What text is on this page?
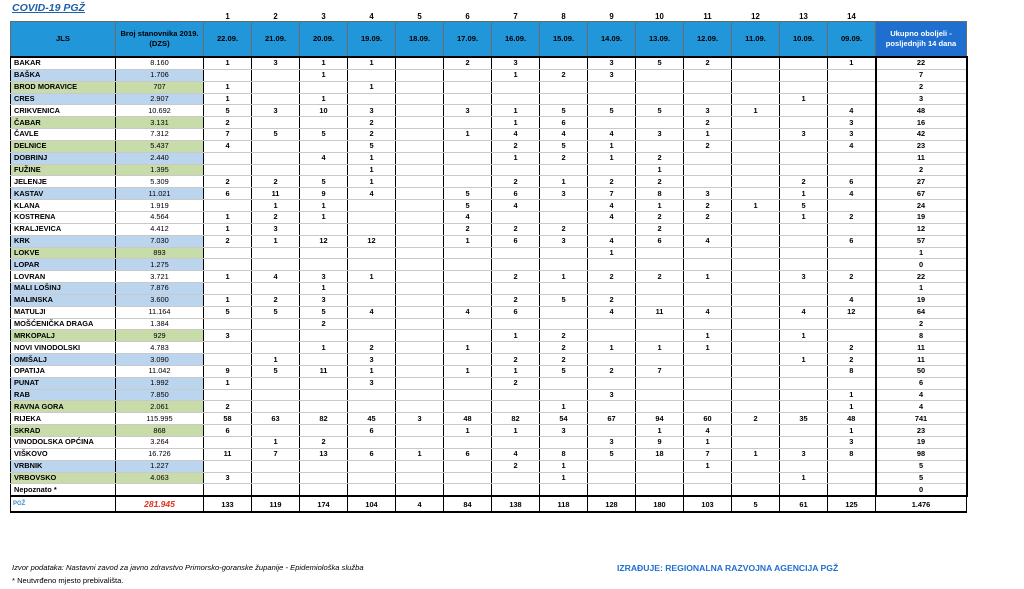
COVID-19 PGŽ
		1	2	3	4	5	6	7	8	9	10	11	12	13	14	
JLS	Broj stanovnika 2019. (DZS)	22.09.	21.09.	20.09.	19.09.	18.09.	17.09.	16.09.	15.09.	14.09.	13.09.	12.09.	11.09.	10.09.	09.09.	Ukupno oboljeli - posljednjih 14 dana
BAKAR	8.160	1	3	1	1		2	3		3	5	2			1	22
BAŠKA	1.706			1				1	2	3						7
BROD MORAVICE	707	1			1											2
CRES	2.907	1		1										1		3
CRIKVENICA	10.692	5	3	10	3		3	1	5	5	5	3	1		4	48
ČABAR	3.131	2			2			1	6			2			3	16
ČAVLE	7.312	7	5	5	2		1	4	4	4	3	1		3	3	42
DELNICE	5.437	4			5			2	5	1		2			4	23
DOBRINJ	2.440			4	1			1	2	1	2					11
FUŽINE	1.395				1						1					2
JELENJE	5.309	2	2	5	1			2	1	2	2			2	6	27
KASTAV	11.021	6	11	9	4		5	6	3	7	8	3		1	4	67
KLANA	1.919		1	1			5	4		4	1	2	1	5		24
KOSTRENA	4.564	1	2	1			4			4	2	2		1	2	19
KRALJEVICA	4.412	1	3				2	2	2		2					12
KRK	7.030	2	1	12	12		1	6	3	4	6	4			6	57
LOKVE	893									1						1
LOPAR	1.275															0
LOVRAN	3.721	1	4	3	1			2	1	2	2	1		3	2	22
MALI LOŠINJ	7.876			1												1
MALINSKA	3.600	1	2	3				2	5	2					4	19
MATULJI	11.164	5	5	5	4		4	6		4	11	4		4	12	64
MOŠĆENIČKA DRAGA	1.384			2												2
MRKOPALJ	929	3						1	2			1		1		8
NOVI VINODOLSKI	4.783			1	2		1		2	1	1	1			2	11
OMIŠALJ	3.090		1		3			2	2					1	2	11
OPATIJA	11.042	9	5	11	1		1	1	5	2	7				8	50
PUNAT	1.992	1			3			2								6
RAB	7.850									3					1	4
RAVNA GORA	2.061	2							1						1	4
RIJEKA	115.995	58	63	82	45	3	48	82	54	67	94	60	2	35	48	741
SKRAD	868	6			6		1	1	3		1	4			1	23
VINODOLSKA OPĆINA	3.264		1	2						3	9	1			3	19
VIŠKOVO	16.726	11	7	13	6	1	6	4	8	5	18	7	1	3	8	98
VRBNIK	1.227							2	1			1				5
VRBOVSKO	4.063	3							1					1		5
Nepoznato *																0
PGŽ	281.945	133	119	174	104	4	84	138	118	128	180	103	5	61	125	1.476
Izvor podataka: Nastavni zavod za javno zdravstvo Primorsko-goranske županije - Epidemiološka služba
* Neutvrđeno mjesto prebivališta.
IZRAĐUJE: REGIONALNA RAZVOJNA AGENCIJA PGŽ
